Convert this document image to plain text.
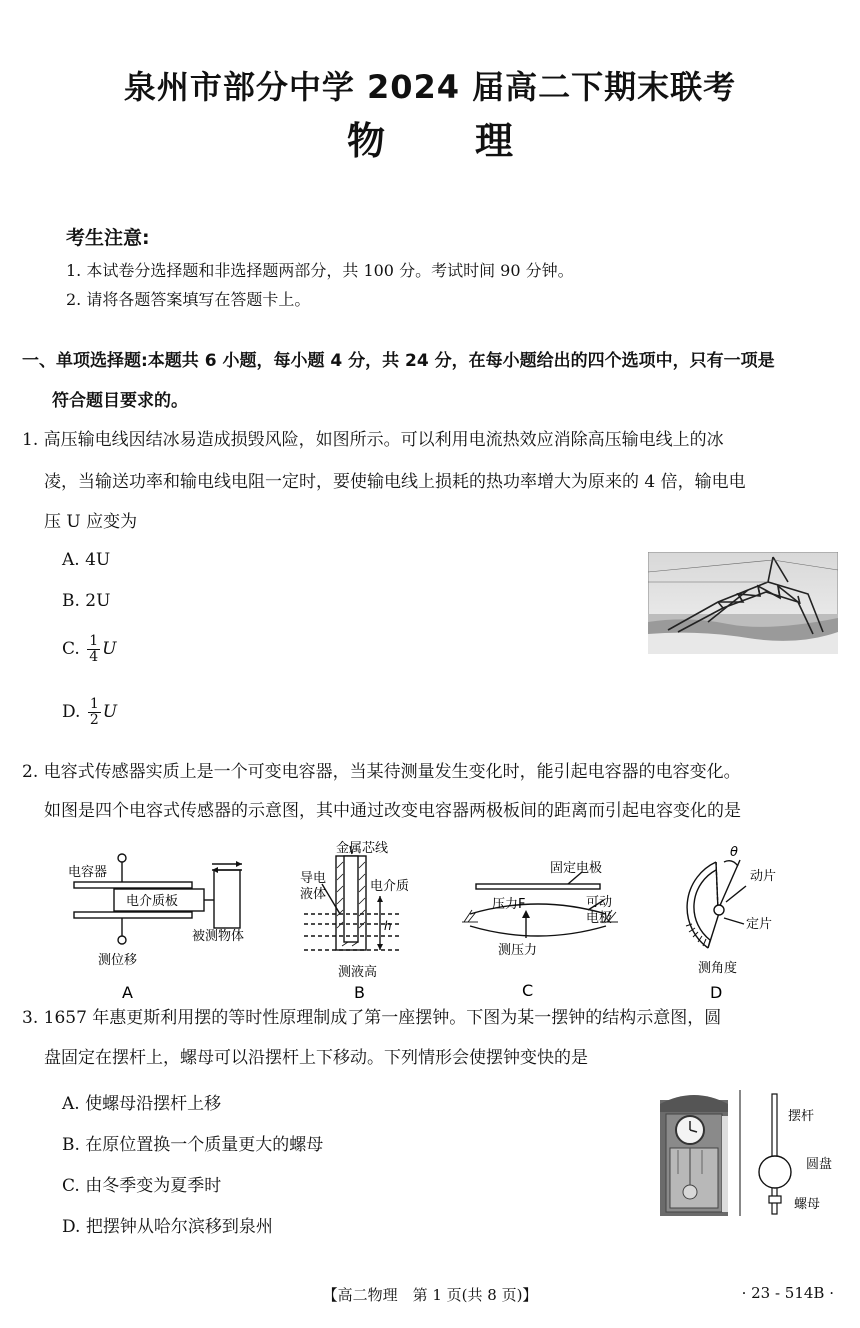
泉州市部分中学 2024 届高二下期末联考
物理
考生注意:
1. 本试卷分选择题和非选择题两部分，共 100 分。考试时间 90 分钟。
2. 请将各题答案填写在答题卡上。
一、单项选择题:本题共 6 小题，每小题 4 分，共 24 分，在每小题给出的四个选项中，只有一项是
符合题目要求的。
1. 高压输电线因结冰易造成损毁风险，如图所示。可以利用电流热效应消除高压输电线上的冰
凌，当输送功率和输电线电阻一定时，要使输电线上损耗的热功率增大为原来的 4 倍，输电电
压 U 应变为
A. 4U
B. 2U
C. $\frac{1}{4}$ U
D. $\frac{1}{2}$ U
2. 电容式传感器实质上是一个可变电容器，当某待测量发生变化时，能引起电容器的电容变化。
如图是四个电容式传感器的示意图，其中通过改变电容器两极板间的距离而引起电容变化的是
电容器
电介质板
被测物体
测位移
A
金属芯线
导电
液体
电介质
h
测液高
B
固定电极
压力F	可动
电极
测压力
C
θ
动片
定片
测角度
D
3. 1657 年惠更斯利用摆的等时性原理制成了第一座摆钟。下图为某一摆钟的结构示意图，圆
盘固定在摆杆上，螺母可以沿摆杆上下移动。下列情形会使摆钟变快的是
A. 使螺母沿摆杆上移
B. 在原位置换一个质量更大的螺母
C. 由冬季变为夏季时
D. 把摆钟从哈尔滨移到泉州
摆杆
圆盘
螺母
【高二物理　第 1 页(共 8 页)】	· 23 - 514B ·
